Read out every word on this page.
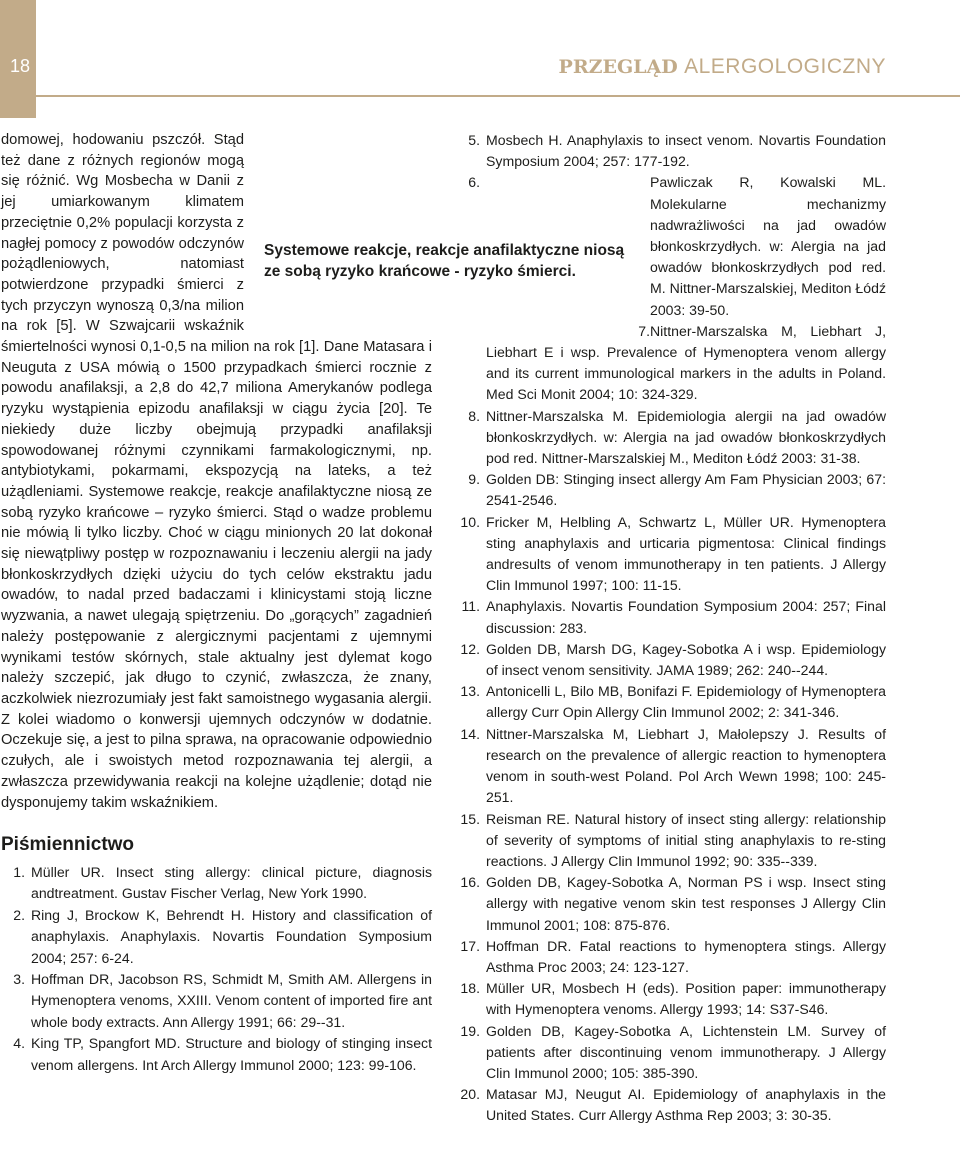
18	PRZEGLĄD ALERGOLOGICZNY
Systemowe reakcje, reakcje anafilaktyczne niosą ze sobą ryzyko krańcowe - ryzyko śmierci.

domowej, hodowaniu pszczół. Stąd też dane z różnych regionów mogą się różnić. Wg Mosbecha w Danii z jej umiarkowanym klimatem przeciętnie 0,2% populacji korzysta z nagłej pomocy z powodów odczynów pożądleniowych, natomiast potwierdzone przypadki śmierci z tych przyczyn wynoszą 0,3/na milion na rok [5]. W Szwajcarii wskaźnik śmiertelności wynosi 0,1-0,5 na milion na rok [1]. Dane Matasara i Neuguta z USA mówią o 1500 przypadkach śmierci rocznie z powodu anafilaksji, a 2,8 do 42,7 miliona Amerykanów podlega ryzyku wystąpienia epizodu anafilaksji w ciągu życia [20]. Te niekiedy duże liczby obejmują przypadki anafilaksji spowodowanej różnymi czynnikami farmakologicznymi, np. antybiotykami, pokarmami, ekspozycją na lateks, a też użądleniami. Systemowe reakcje, reakcje anafilaktyczne niosą ze sobą ryzyko krańcowe – ryzyko śmierci. Stąd o wadze problemu nie mówią li tylko liczby. Choć w ciągu minionych 20 lat dokonał się niewątpliwy postęp w rozpoznawaniu i leczeniu alergii na jady błonkoskrzydłych dzięki użyciu do tych celów ekstraktu jadu owadów, to nadal przed badaczami i klinicystami stoją liczne wyzwania, a nawet ulegają spiętrzeniu. Do „gorących” zagadnień należy postępowanie z alergicznymi pacjentami z ujemnymi wynikami testów skórnych, stale aktualny jest dylemat kogo należy szczepić, jak długo to czynić, zwłaszcza, że znany, aczkolwiek niezrozumiały jest fakt samoistnego wygasania alergii. Z kolei wiadomo o konwersji ujemnych odczynów w dodatnie. Oczekuje się, a jest to pilna sprawa, na opracowanie odpowiednio czułych, ale i swoistych metod rozpoznawania tej alergii, a zwłaszcza przewidywania reakcji na kolejne użądlenie; dotąd nie dysponujemy takim wskaźnikiem.

Piśmiennictwo
1. Müller UR. Insect sting allergy: clinical picture, diagnosis andtreatment. Gustav Fischer Verlag, New York 1990.
2. Ring J, Brockow K, Behrendt H. History and classification of anaphylaxis. Anaphylaxis. Novartis Foundation Symposium 2004; 257: 6-24.
3. Hoffman DR, Jacobson RS, Schmidt M, Smith AM. Allergens in Hymenoptera venoms, XXIII. Venom content of imported fire ant whole body extracts. Ann Allergy 1991; 66: 29--31.
4. King TP, Spangfort MD. Structure and biology of stinging insect venom allergens. Int Arch Allergy Immunol 2000; 123: 99-106.
5. Mosbech H. Anaphylaxis to insect venom. Novartis Foundation Symposium 2004; 257: 177-192.
6.	Pawliczak R, Kowalski ML. Molekularne mechanizmy nadwrażliwości na jad owadów błonkoskrzydłych. w: Alergia na jad owadów błonkoskrzydłych pod red. M. Nittner-Marszalskiej, Mediton Łódź 2003: 39-50.
7. Nittner-Marszalska M, Liebhart J, Liebhart E i wsp. Prevalence of Hymenoptera venom allergy and its current immunological markers in the adults in Poland. Med Sci Monit 2004; 10: 324-329.
8. Nittner-Marszalska M. Epidemiologia alergii na jad owadów błonkoskrzydłych. w: Alergia na jad owadów błonkoskrzydłych pod red. Nittner-Marszalskiej M., Mediton Łódź 2003: 31-38.
9. Golden DB: Stinging insect allergy Am Fam Physician 2003; 67: 2541-2546.
10. Fricker M, Helbling A, Schwartz L, Müller UR. Hymenoptera sting anaphylaxis and urticaria pigmentosa: Clinical findings andresults of venom immunotherapy in ten patients. J Allergy Clin Immunol 1997; 100: 11-15.
11. Anaphylaxis. Novartis Foundation Symposium 2004: 257; Final discussion: 283.
12. Golden DB, Marsh DG, Kagey-Sobotka A i wsp. Epidemiology of insect venom sensitivity. JAMA 1989; 262: 240--244.
13. Antonicelli L, Bilo MB, Bonifazi F. Epidemiology of Hymenoptera allergy Curr Opin Allergy Clin Immunol 2002; 2: 341-346.
14. Nittner-Marszalska M, Liebhart J, Małolepszy J. Results of research on the prevalence of allergic reaction to hymenoptera venom in south-west Poland. Pol Arch Wewn 1998; 100: 245-251.
15. Reisman RE. Natural history of insect sting allergy: relationship of severity of symptoms of initial sting anaphylaxis to re-sting reactions. J Allergy Clin Immunol 1992; 90: 335--339.
16. Golden DB, Kagey-Sobotka A, Norman PS i wsp. Insect sting allergy with negative venom skin test responses J Allergy Clin Immunol 2001; 108: 875-876.
17. Hoffman DR. Fatal reactions to hymenoptera stings. Allergy Asthma Proc 2003; 24: 123-127.
18. Müller UR, Mosbech H (eds). Position paper: immunotherapy with Hymenoptera venoms. Allergy 1993; 14: S37-S46.
19. Golden DB, Kagey-Sobotka A, Lichtenstein LM. Survey of patients after discontinuing venom immunotherapy. J Allergy Clin Immunol 2000; 105: 385-390.
20. Matasar MJ, Neugut AI. Epidemiology of anaphylaxis in the United States. Curr Allergy Asthma Rep 2003; 3: 30-35.
